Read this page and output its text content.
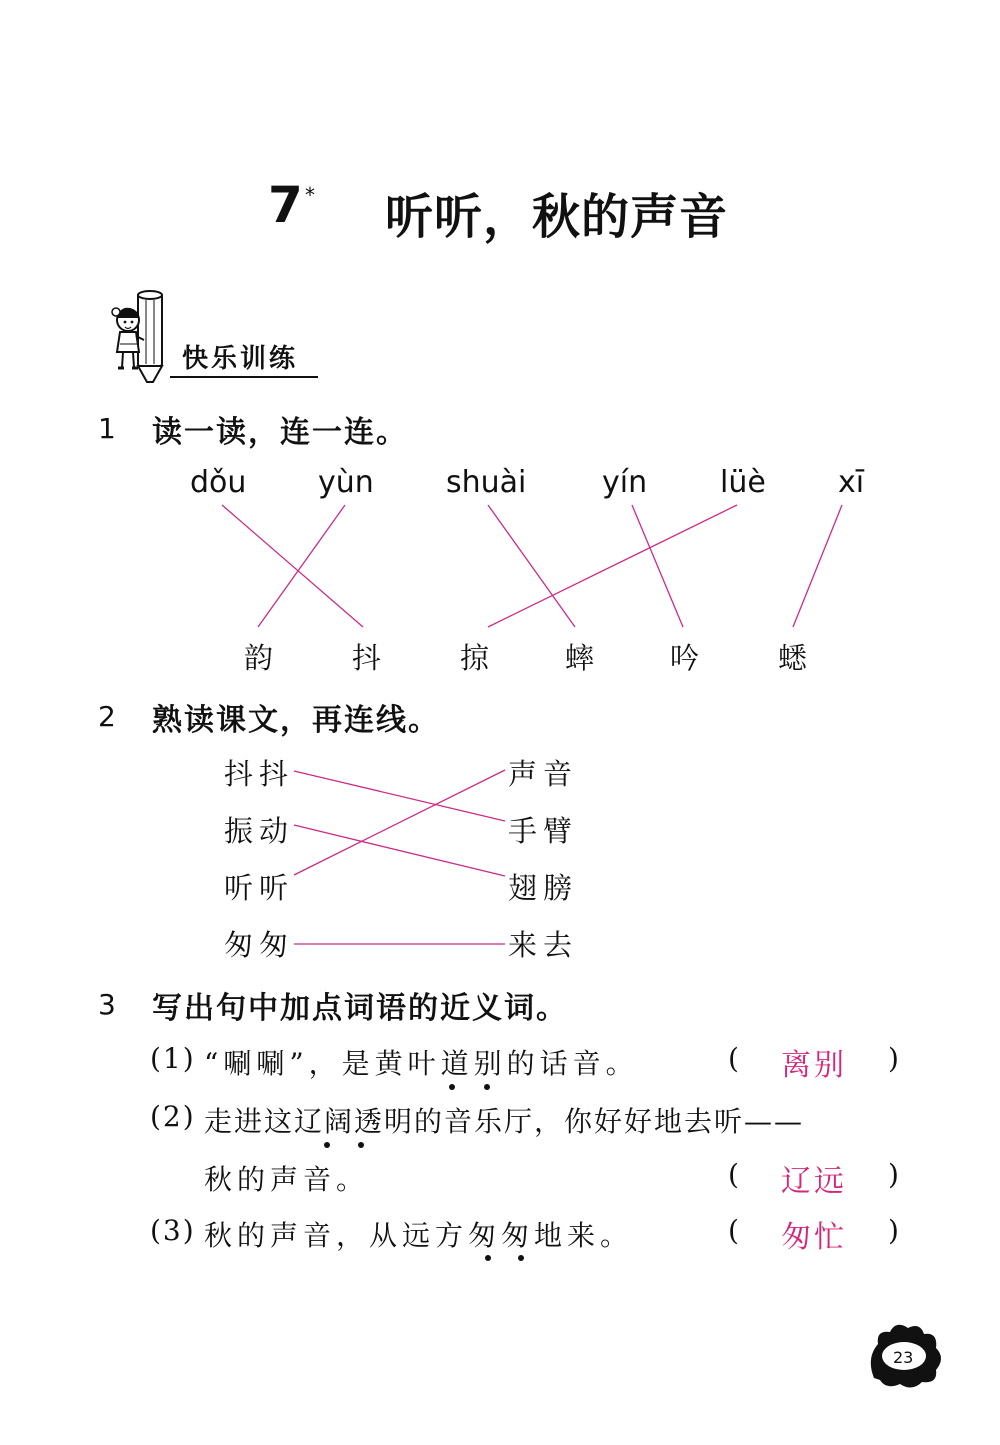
7 * 听听，秋的声音
快乐训练
1 读一读，连一连。
dǒu yùn shuài	yín lüè xī
韵	抖	掠	蟀	吟	蟋
2 熟读课文，再连线。
抖抖
振动
听听
匆匆
声音
手臂
翅膀
来去
3 写出句中加点词语的近义词。
(1) “唰唰”，是黄叶道别的话音。	( 离别 )
(2) 走进这辽阔透明的音乐厅，你好好地去听——
秋的声音。	( 辽远 )
(3) 秋的声音，从远方匆匆地来。	( 匆忙 )
23
